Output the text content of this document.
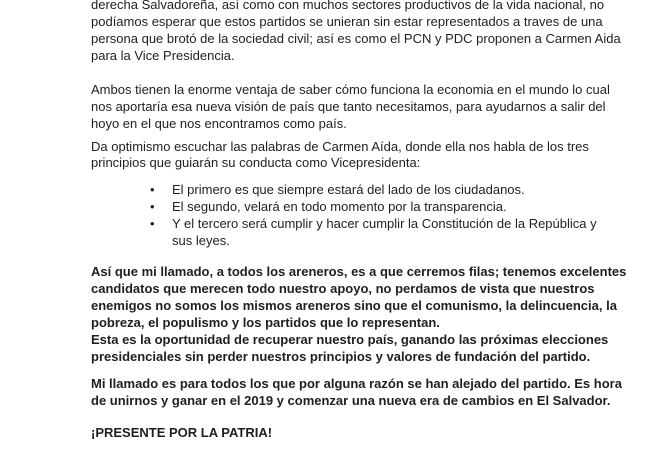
derecha Salvadoreña, así como con muchos sectores productivos de la vida nacional, no
podíamos esperar que estos partidos se unieran sin estar representados a traves de una
persona que brotó de la sociedad civil; así es como el PCN y PDC proponen a Carmen Aida
para la Vice Presidencia.
Ambos tienen la enorme ventaja de saber cómo funciona la economia en el mundo lo cual
nos aportaría esa nueva visión de país que tanto necesitamos, para ayudarnos a salir del
hoyo en el que nos encontramos como país.
Da optimismo escuchar las palabras de Carmen Aída, donde ella nos habla de los tres
principios que guiarán su conducta como Vicepresidenta:
• El primero es que siempre estará del lado de los ciudadanos.
• El segundo, velará en todo momento por la transparencia.
• Y el tercero será cumplir y hacer cumplir la Constitución de la República y
sus leyes.
Así que mi llamado, a todos los areneros, es a que cerremos filas; tenemos excelentes
candidatos que merecen todo nuestro apoyo, no perdamos de vista que nuestros
enemigos no somos los mismos areneros sino que el comunismo, la delincuencia, la
pobreza, el populismo y los partidos que lo representan.
Esta es la oportunidad de recuperar nuestro país, ganando las próximas elecciones
presidenciales sin perder nuestros principios y valores de fundación del partido.
Mi llamado es para todos los que por alguna razón se han alejado del partido. Es hora
de unirnos y ganar en el 2019 y comenzar una nueva era de cambios en El Salvador.
¡PRESENTE POR LA PATRIA!
